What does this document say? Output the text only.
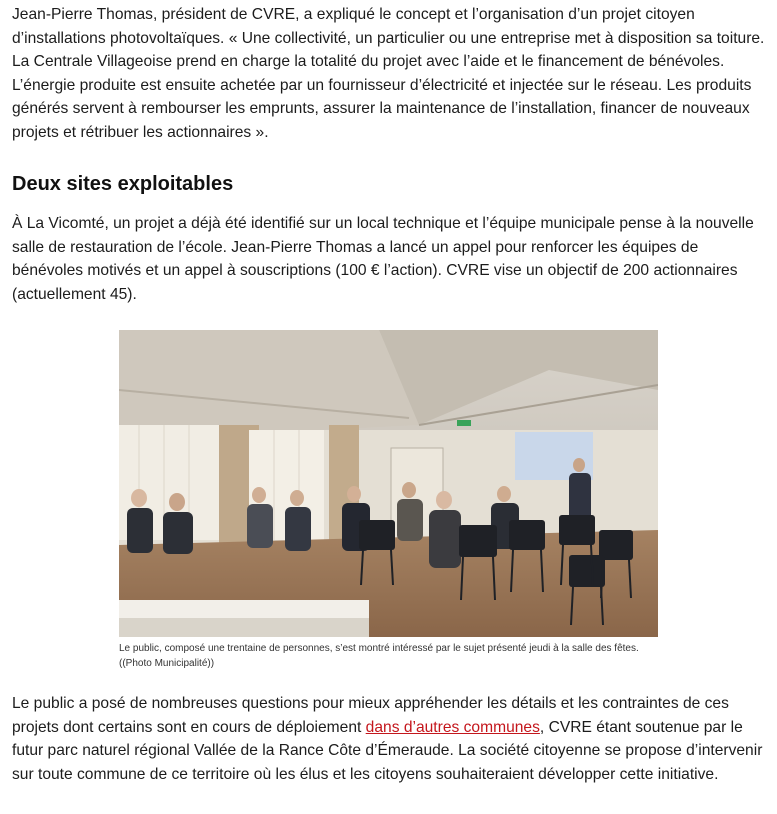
Jean-Pierre Thomas, président de CVRE, a expliqué le concept et l’organisation d’un projet citoyen d’installations photovoltaïques. « Une collectivité, un particulier ou une entreprise met à disposition sa toiture. La Centrale Villageoise prend en charge la totalité du projet avec l’aide et le financement de bénévoles. L’énergie produite est ensuite achetée par un fournisseur d’électricité et injectée sur le réseau. Les produits générés servent à rembourser les emprunts, assurer la maintenance de l’installation, financer de nouveaux projets et rétribuer les actionnaires ».

Deux sites exploitables

À La Vicomté, un projet a déjà été identifié sur un local technique et l’équipe municipale pense à la nouvelle salle de restauration de l’école. Jean-Pierre Thomas a lancé un appel pour renforcer les équipes de bénévoles motivés et un appel à souscriptions (100 € l’action). CVRE vise un objectif de 200 actionnaires (actuellement 45).

Le public, composé une trentaine de personnes, s’est montré intéressé par le sujet présenté jeudi à la salle des fêtes. ((Photo Municipalité))

Le public a posé de nombreuses questions pour mieux appréhender les détails et les contraintes de ces projets dont certains sont en cours de déploiement dans d’autres communes, CVRE étant soutenue par le futur parc naturel régional Vallée de la Rance Côte d’Émeraude. La société citoyenne se propose d’intervenir sur toute commune de ce territoire où les élus et les citoyens souhaiteraient développer cette initiative.
